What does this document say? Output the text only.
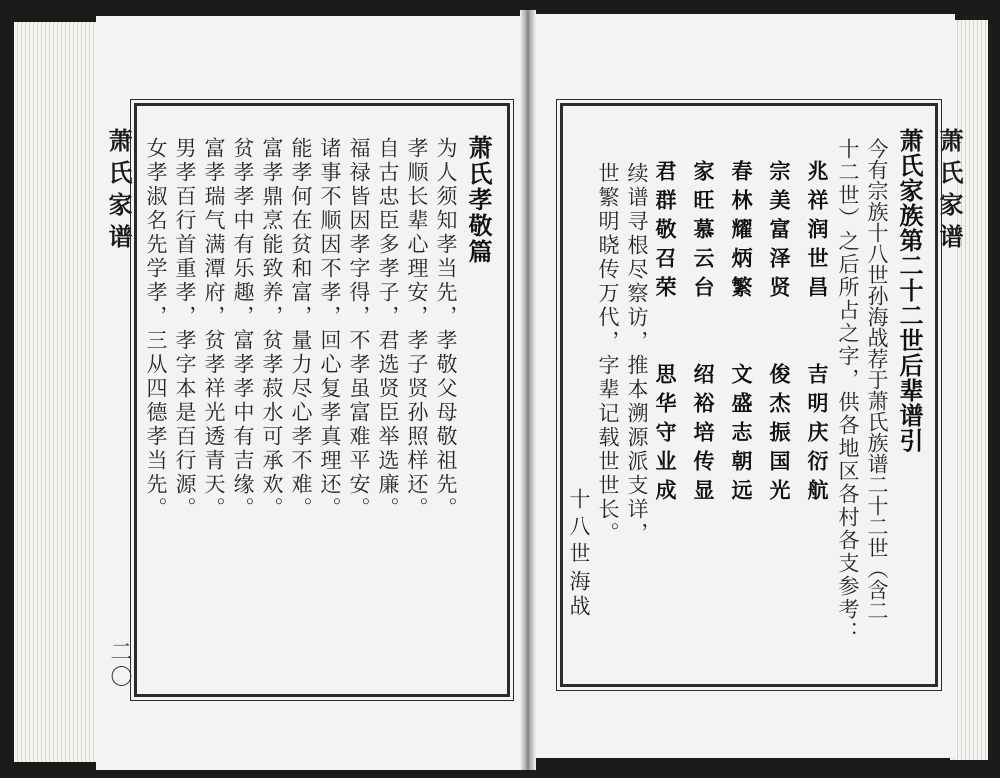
萧氏家谱
二〇
萧氏孝敬篇
为人须知孝当先，孝敬父母敬祖先。
孝顺长辈心理安，孝子贤孙照样还。
自古忠臣多孝子，君选贤臣举选廉。
福禄皆因孝字得，不孝虽富难平安。
诸事不顺因不孝，回心复孝真理还。
能孝何在贫和富，量力尽心孝不难。
富孝鼎烹能致养，贫孝菽水可承欢。
贫孝孝中有乐趣，富孝孝中有吉缘。
富孝瑞气满潭府，贫孝祥光透青天。
男孝百行首重孝，孝字本是百行源。
女孝淑名先学孝，三从四德孝当先。	萧氏家谱
萧氏家族第二十二世后辈谱引
今有宗族十八世孙海战荐于萧氏族谱二十二世（含二
十二世）之后所占之字，供各地区各村各支参考：
兆祥润世昌　　吉明庆衍航
宗美富泽贤　　俊杰振国光
春林耀炳繁　　文盛志朝远
家旺慕云台　　绍裕培传显
君群敬召荣　　思华守业成
续谱寻根尽察访，推本溯源派支详，
世繁明晓传万代，字辈记载世世长。
十八世
海战
